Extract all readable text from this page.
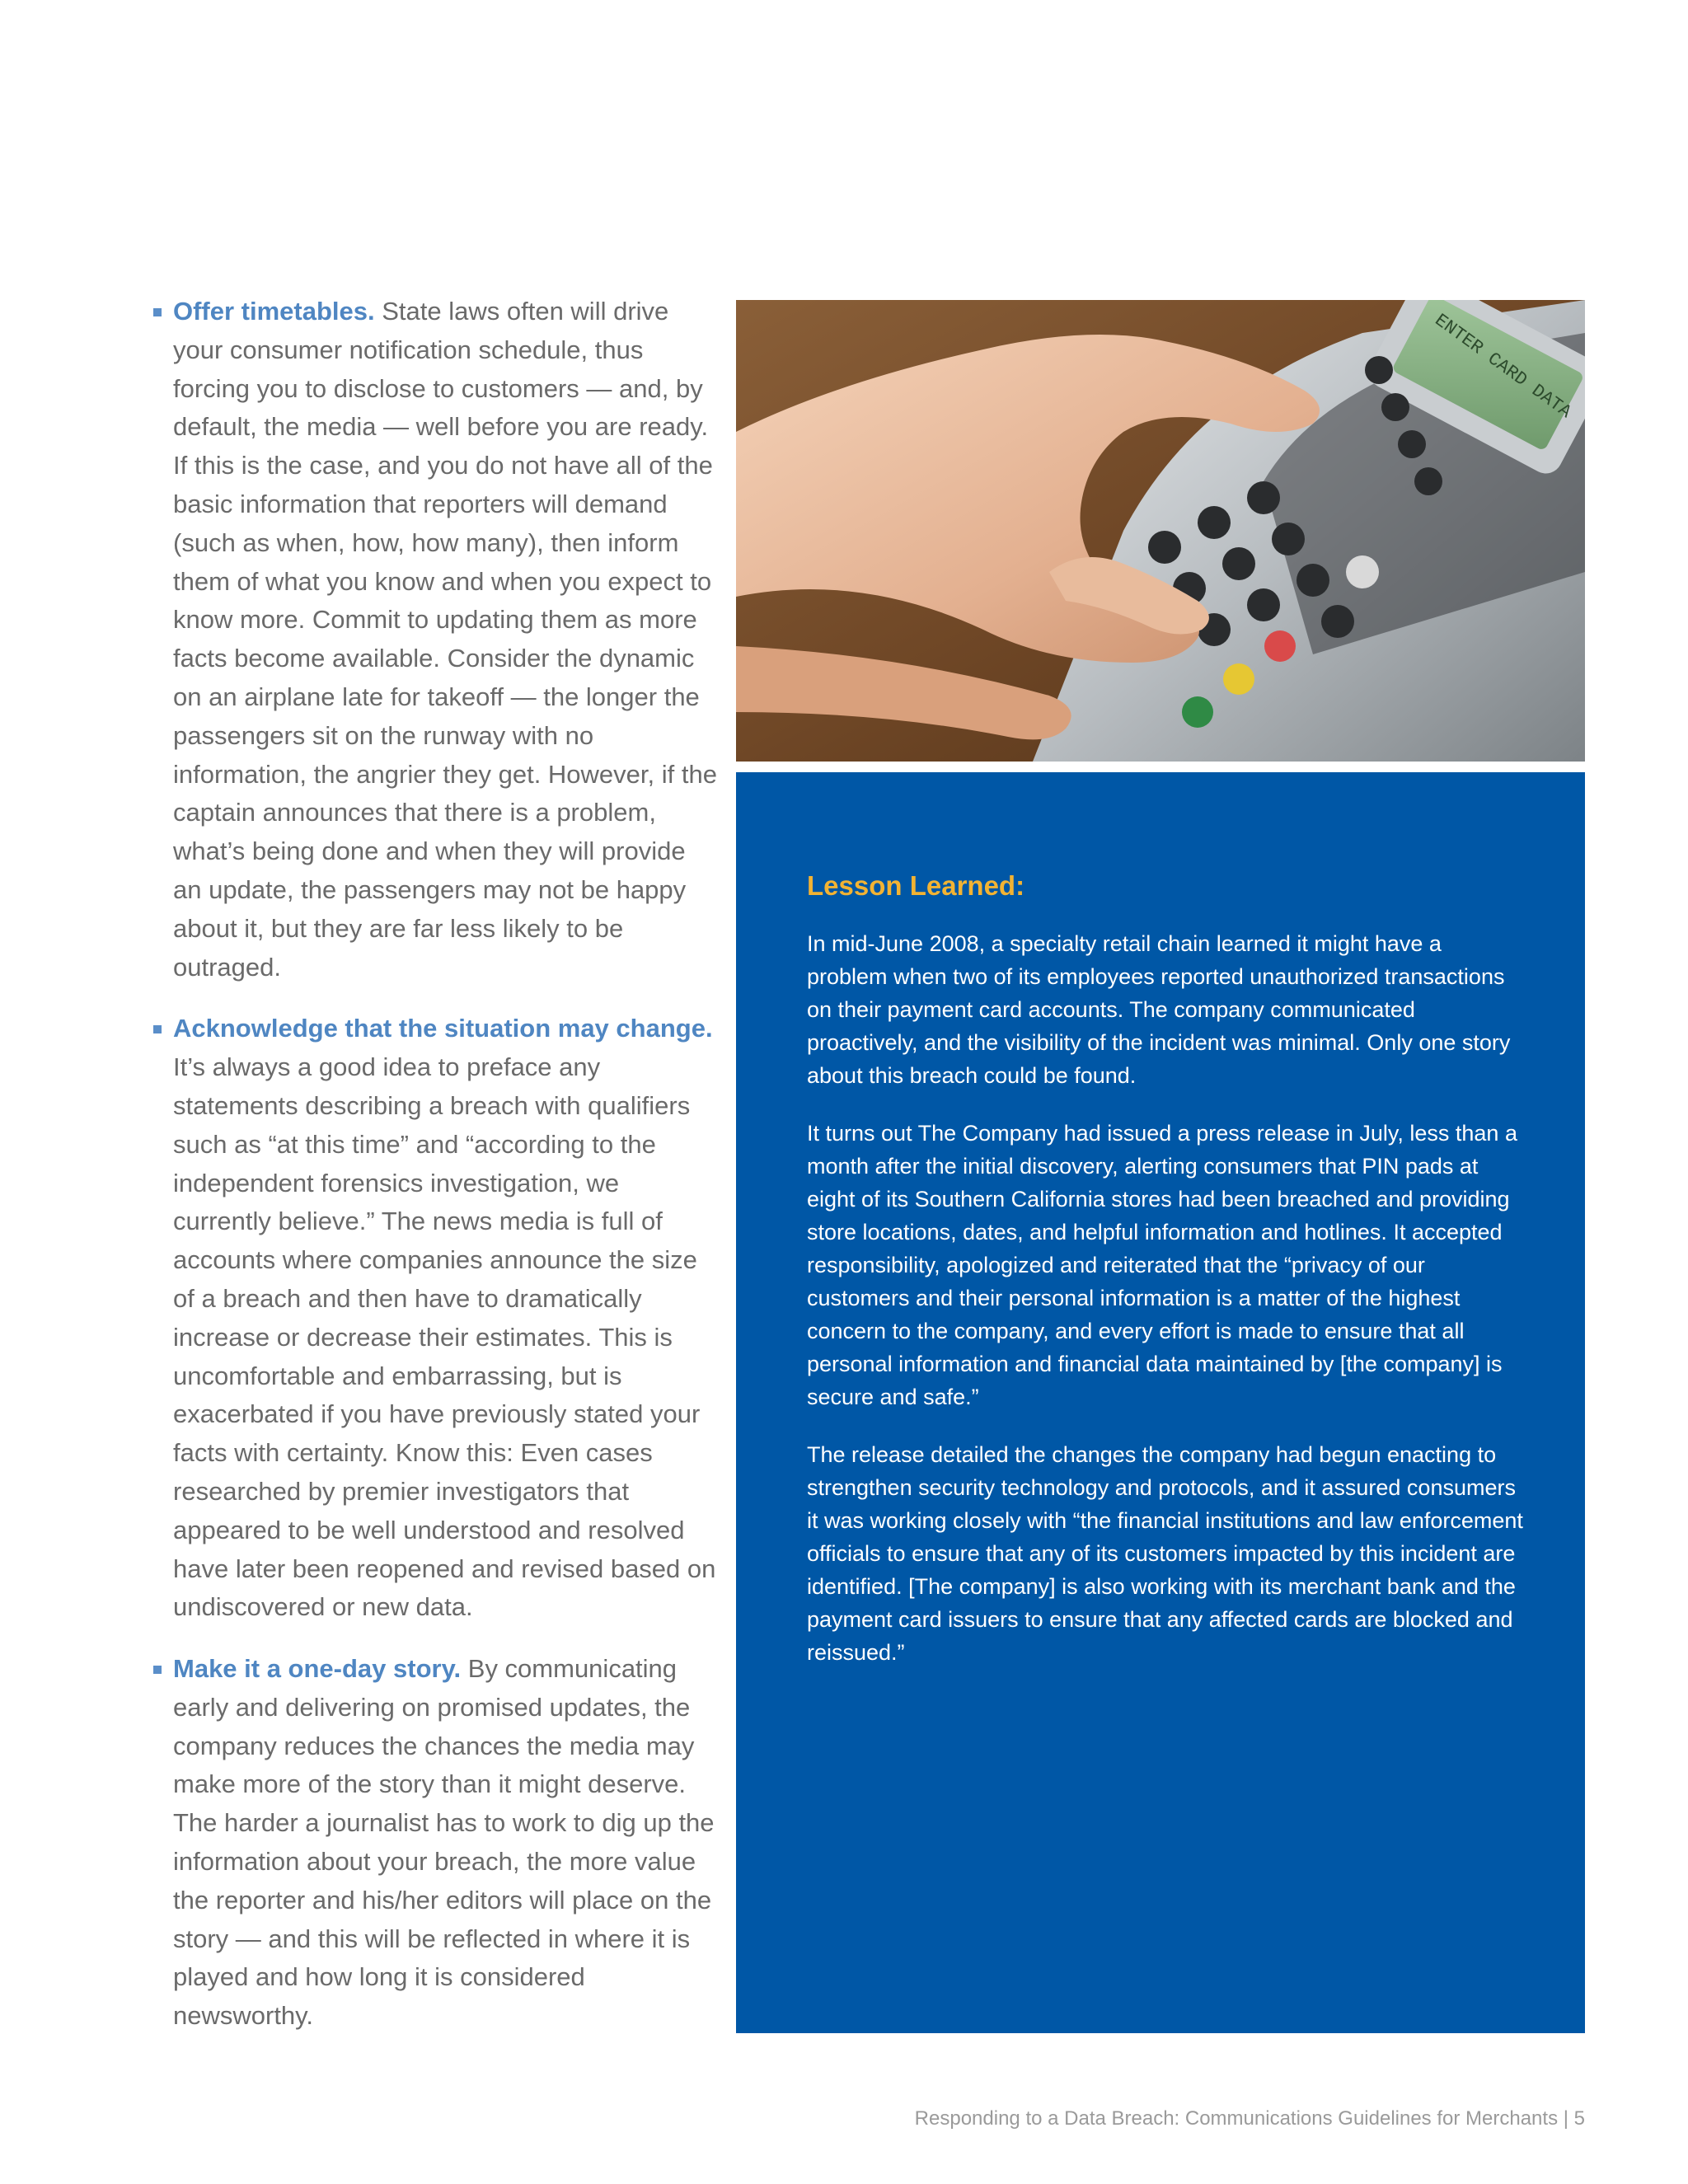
Offer timetables. State laws often will drive your consumer notification schedule, thus forcing you to disclose to customers — and, by default, the media — well before you are ready. If this is the case, and you do not have all of the basic information that reporters will demand (such as when, how, how many), then inform them of what you know and when you expect to know more. Commit to updating them as more facts become available. Consider the dynamic on an airplane late for takeoff — the longer the passengers sit on the runway with no information, the angrier they get. However, if the captain announces that there is a problem, what’s being done and when they will provide an update, the passengers may not be happy about it, but they are far less likely to be outraged.
Acknowledge that the situation may change. It’s always a good idea to preface any statements describing a breach with qualifiers such as “at this time” and “according to the independent forensics investigation, we currently believe.” The news media is full of accounts where companies announce the size of a breach and then have to dramatically increase or decrease their estimates. This is uncomfortable and embarrassing, but is exacerbated if you have previously stated your facts with certainty. Know this: Even cases researched by premier investigators that appeared to be well understood and resolved have later been reopened and revised based on undiscovered or new data.
Make it a one-day story. By communicating early and delivering on promised updates, the company reduces the chances the media may make more of the story than it might deserve. The harder a journalist has to work to dig up the information about your breach, the more value the reporter and his/her editors will place on the story — and this will be reflected in where it is played and how long it is considered newsworthy.
ENTER CARD DATA
Lesson Learned:

In mid-June 2008, a specialty retail chain learned it might have a problem when two of its employees reported unauthorized transactions on their payment card accounts. The company communicated proactively, and the visibility of the incident was minimal. Only one story about this breach could be found.

It turns out The Company had issued a press release in July, less than a month after the initial discovery, alerting consumers that PIN pads at eight of its Southern California stores had been breached and providing store locations, dates, and helpful information and hotlines. It accepted responsibility, apologized and reiterated that the “privacy of our customers and their personal information is a matter of the highest concern to the company, and every effort is made to ensure that all personal information and financial data maintained by [the company] is secure and safe.”

The release detailed the changes the company had begun enacting to strengthen security technology and protocols, and it assured consumers it was working closely with “the financial institutions and law enforcement officials to ensure that any of its customers impacted by this incident are identified. [The company] is also working with its merchant bank and the payment card issuers to ensure that any affected cards are blocked and reissued.”

Responding to a Data Breach: Communications Guidelines for Merchants | 5
